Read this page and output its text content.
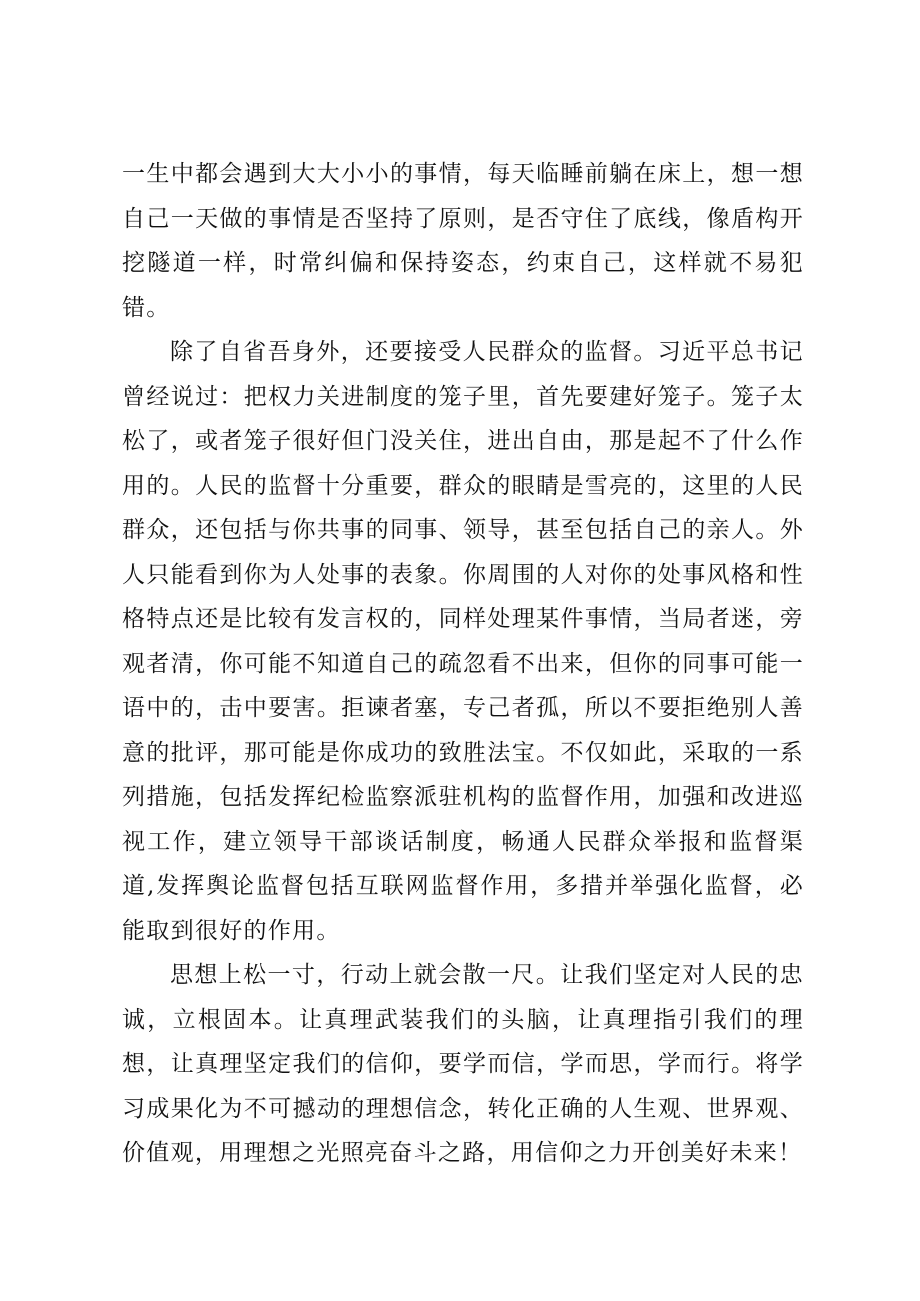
一生中都会遇到大大小小的事情，每天临睡前躺在床上，想一想自己一天做的事情是否坚持了原则，是否守住了底线，像盾构开挖隧道一样，时常纠偏和保持姿态，约束自己，这样就不易犯错。

除了自省吾身外，还要接受人民群众的监督。习近平总书记曾经说过：把权力关进制度的笼子里，首先要建好笼子。笼子太松了，或者笼子很好但门没关住，进出自由，那是起不了什么作用的。人民的监督十分重要，群众的眼睛是雪亮的，这里的人民群众，还包括与你共事的同事、领导，甚至包括自己的亲人。外人只能看到你为人处事的表象。你周围的人对你的处事风格和性格特点还是比较有发言权的，同样处理某件事情，当局者迷，旁观者清，你可能不知道自己的疏忽看不出来，但你的同事可能一语中的，击中要害。拒谏者塞，专己者孤，所以不要拒绝别人善意的批评，那可能是你成功的致胜法宝。不仅如此，采取的一系列措施，包括发挥纪检监察派驻机构的监督作用，加强和改进巡视工作，建立领导干部谈话制度，畅通人民群众举报和监督渠道,发挥舆论监督包括互联网监督作用，多措并举强化监督，必能取到很好的作用。

思想上松一寸，行动上就会散一尺。让我们坚定对人民的忠诚，立根固本。让真理武装我们的头脑，让真理指引我们的理想，让真理坚定我们的信仰，要学而信，学而思，学而行。将学习成果化为不可撼动的理想信念，转化正确的人生观、世界观、价值观，用理想之光照亮奋斗之路，用信仰之力开创美好未来！
